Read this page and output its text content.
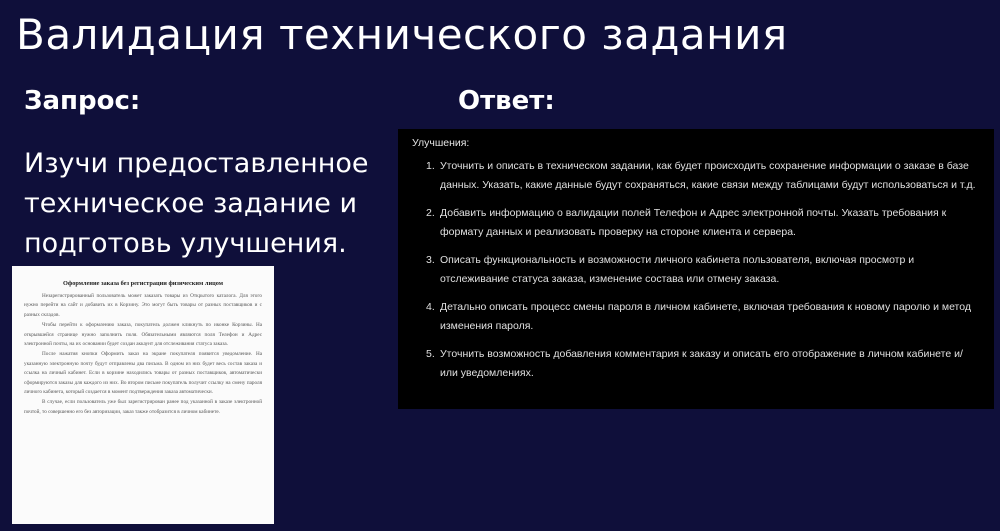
Валидация технического задания
Запрос:	Ответ:
Изучи предоставленное
техническое задание и
подготовь улучшения.
Оформление заказа без регистрации физическим лицом

Незарегистрированный пользователь может заказать товары из Открытого каталога. Для этого нужно перейти на сайт и добавить их в Корзину. Это могут быть товары от разных поставщиков и с разных складов.

Чтобы перейти к оформлению заказа, покупатель должен кликнуть по иконке Корзины. На открывшейся странице нужно заполнить поля. Обязательными являются поля Телефон и Адрес электронной почты, на их основании будет создан аккаунт для отслеживания статуса заказа.

После нажатия кнопки Оформить заказ на экране покупателя появится уведомление. На указанную электронную почту будут отправлены два письма. В одном из них будет весь состав заказа и ссылка на личный кабинет. Если в корзине находились товары от разных поставщиков, автоматически сформируются заказы для каждого из них. Во втором письме покупатель получит ссылку на смену пароля личного кабинета, который создается в момент подтверждения заказа автоматически.

В случае, если пользователь уже был зарегистрирован ранее под указанной в заказе электронной почтой, то совершенно его без авторизации, заказ также отобразится в личном кабинете.

Улучшения:
1. Уточнить и описать в техническом задании, как будет происходить сохранение информации о заказе в базе данных. Указать, какие данные будут сохраняться, какие связи между таблицами будут использоваться и т.д.
2. Добавить информацию о валидации полей Телефон и Адрес электронной почты. Указать требования к формату данных и реализовать проверку на стороне клиента и сервера.
3. Описать функциональность и возможности личного кабинета пользователя, включая просмотр и отслеживание статуса заказа, изменение состава или отмену заказа.
4. Детально описать процесс смены пароля в личном кабинете, включая требования к новому паролю и метод изменения пароля.
5. Уточнить возможность добавления комментария к заказу и описать его отображение в личном кабинете и/или уведомлениях.
